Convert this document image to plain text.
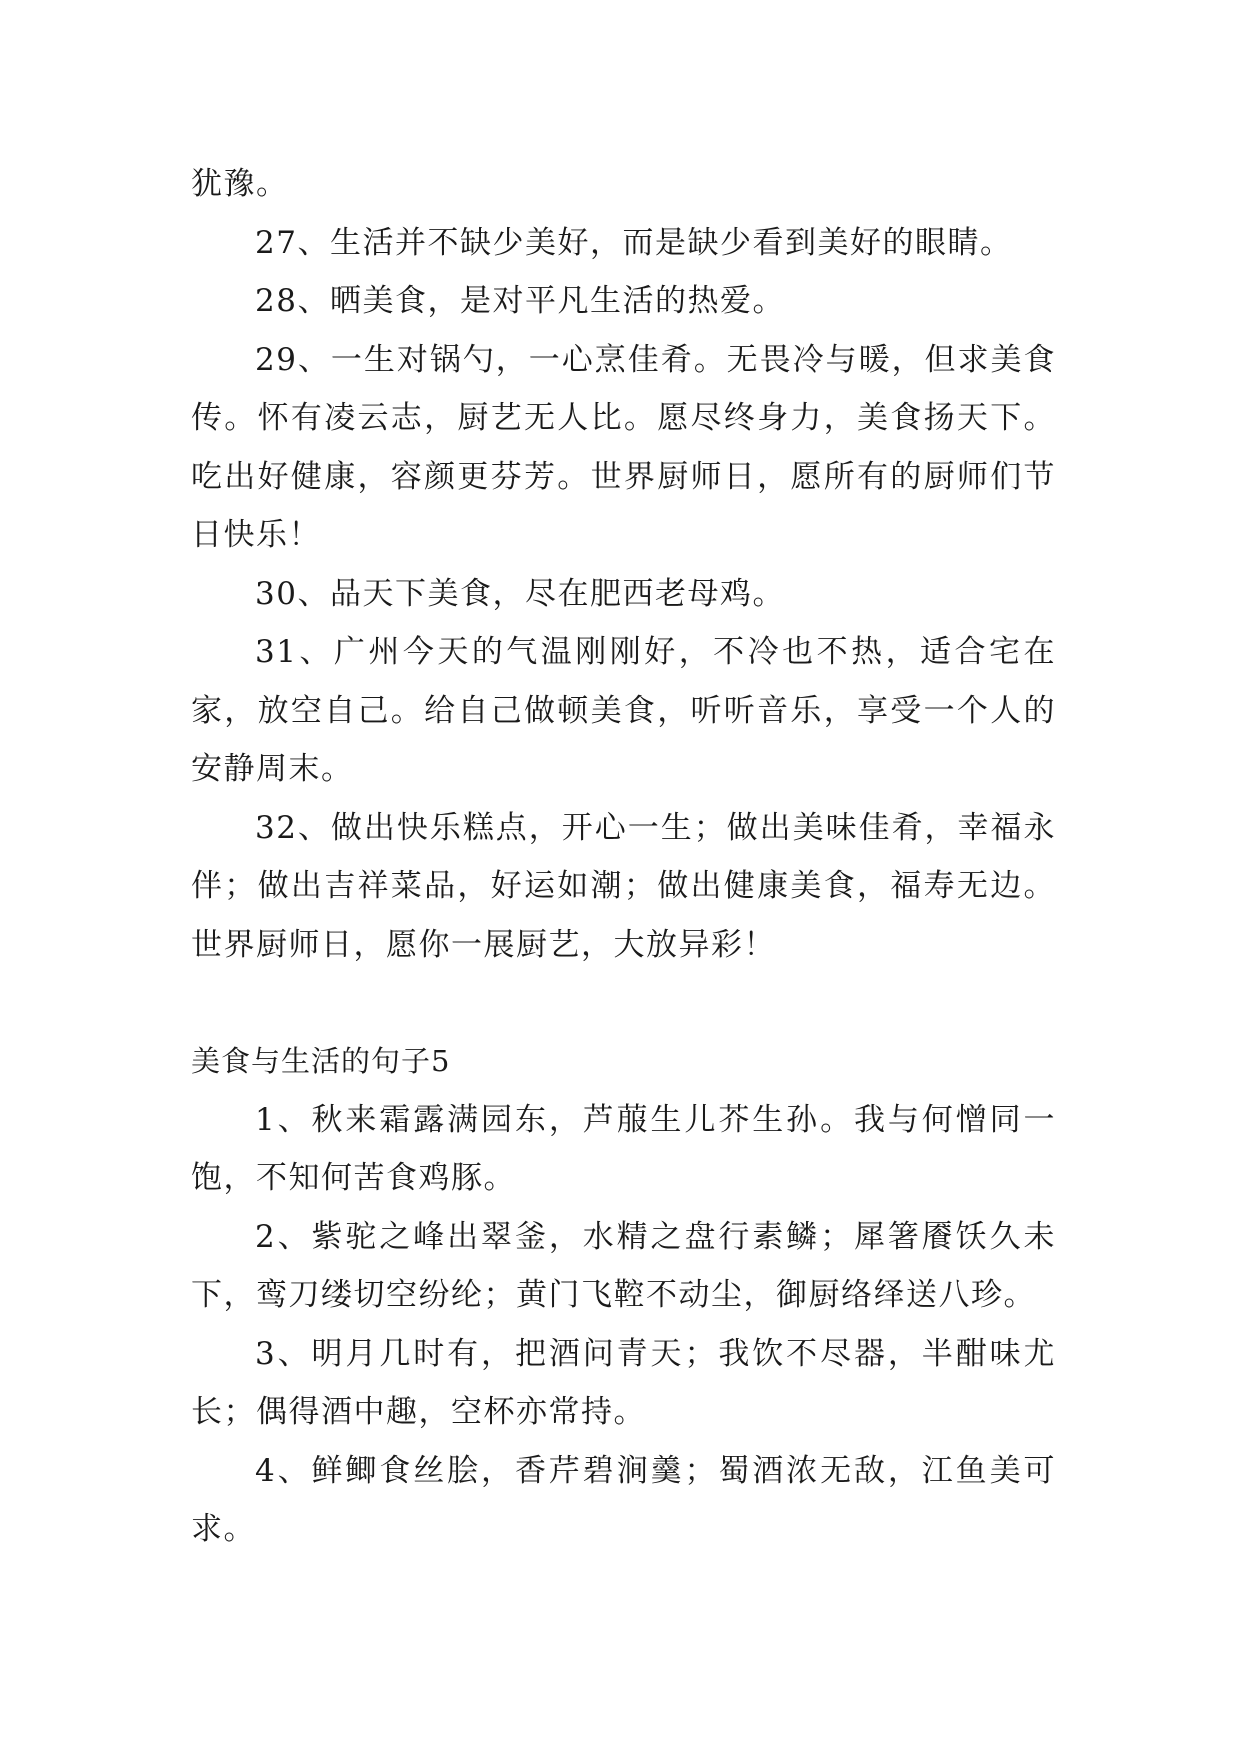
犹豫。

27、生活并不缺少美好，而是缺少看到美好的眼睛。

28、晒美食，是对平凡生活的热爱。

29、一生对锅勺，一心烹佳肴。无畏冷与暖，但求美食传。怀有凌云志，厨艺无人比。愿尽终身力，美食扬天下。吃出好健康，容颜更芬芳。世界厨师日，愿所有的厨师们节日快乐！

30、品天下美食，尽在肥西老母鸡。

31、广州今天的气温刚刚好，不冷也不热，适合宅在家，放空自己。给自己做顿美食，听听音乐，享受一个人的安静周末。

32、做出快乐糕点，开心一生；做出美味佳肴，幸福永伴；做出吉祥菜品，好运如潮；做出健康美食，福寿无边。世界厨师日，愿你一展厨艺，大放异彩！

美食与生活的句子5

1、秋来霜露满园东，芦菔生儿芥生孙。我与何憎同一饱，不知何苦食鸡豚。

2、紫驼之峰出翠釜，水精之盘行素鳞；犀箸餍饫久未下，鸾刀缕切空纷纶；黄门飞鞚不动尘，御厨络绎送八珍。

3、明月几时有，把酒问青天；我饮不尽器，半酣味尤长；偶得酒中趣，空杯亦常持。

4、鲜鲫食丝脍，香芹碧涧羹；蜀酒浓无敌，江鱼美可求。
